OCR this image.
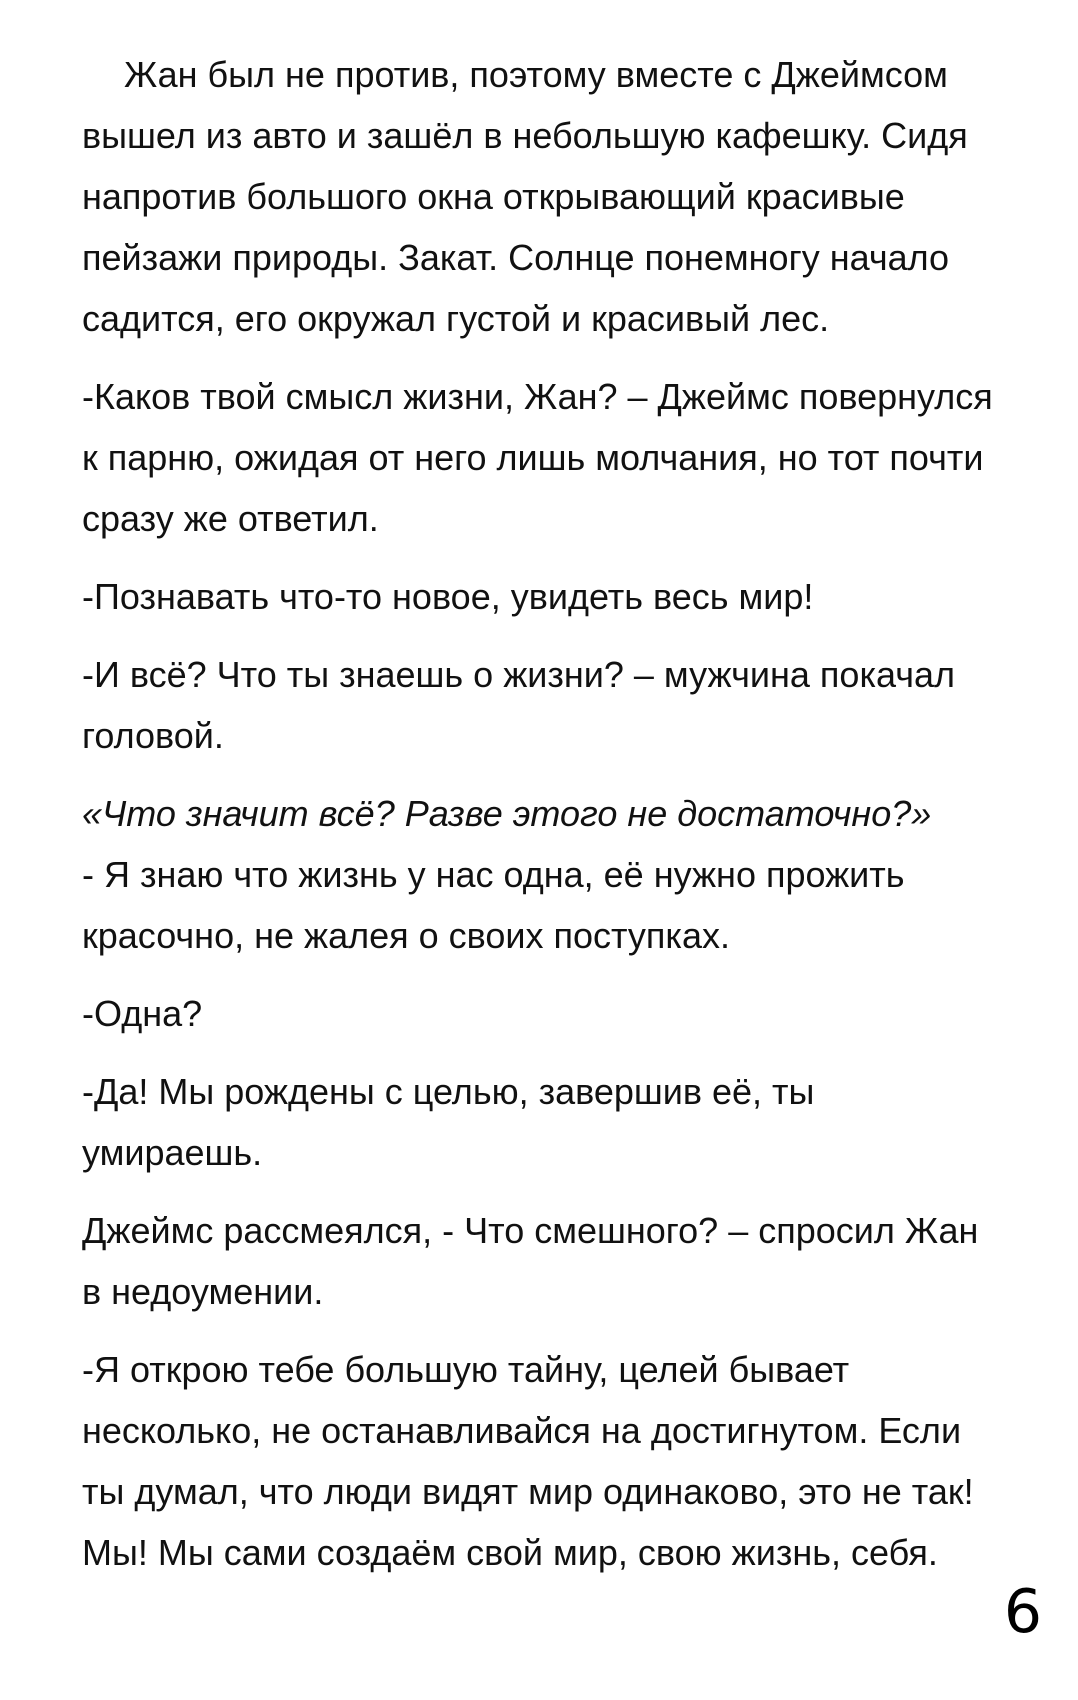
Жан был не против, поэтому вместе с Джеймсом вышел из авто и зашёл в небольшую кафешку. Сидя напротив большого окна открывающий красивые пейзажи природы. Закат. Солнце понемногу начало садится, его окружал густой и красивый лес.

-Каков твой смысл жизни, Жан? – Джеймс повернулся к парню, ожидая от него лишь молчания, но тот почти сразу же ответил.

-Познавать что-то новое, увидеть весь мир!

-И всё? Что ты знаешь о жизни? – мужчина покачал головой.

«Что значит всё? Разве этого не достаточно?»

- Я знаю что жизнь у нас одна, её нужно прожить красочно, не жалея о своих поступках.

-Одна?

-Да! Мы рождены с целью, завершив её, ты умираешь.

Джеймс рассмеялся, - Что смешного? – спросил Жан в недоумении.

-Я открою тебе большую тайну, целей бывает несколько, не останавливайся на достигнутом. Если ты думал, что люди видят мир одинаково, это не так! Мы! Мы сами создаём свой мир, свою жизнь, себя.

6
